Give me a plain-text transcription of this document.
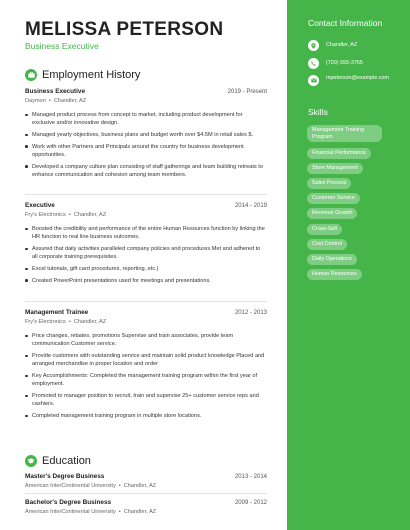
MELISSA PETERSON
Business Executive
Employment History
Business Executive	2019 - Present
Daymon • Chandler, AZ
Managed product process from concept to market, including product development for exclusive and/or innovative design.
Managed yearly objectives, business plans and budget worth over $4.5M in retail sales $.
Work with other Partners and Principals around the country for business development opportunities.
Developed a company culture plan consisting of staff gatherings and team building retreats to enhance communication and cohesion among team members.
Executive	2014 - 2019
Fry's Electronics • Chandler, AZ
Boosted the credibility and performance of the entire Human Resources function by linking the HR function to real line business outcomes.
Assured that daily activities paralleled company policies and procedures.Met and adhered to all corporate training prerequisites.
Excel tutorials, gift card procedures, reporting, etc.)
Created PowerPoint presentations used for meetings and presentations.
Management Trainee	2012 - 2013
Fry's Electronics • Chandler, AZ
Price changes, rebates, promotions Supervise and train associates, provide team communication Customer service.
Provide customers with outstanding service and maintain solid product knowledge Placed and arranged merchandise in proper location and order
Key Accomplishments: Completed the management training program within the first year of employment.
Promoted to manager position to recruit, train and supervise 25+ customer service reps and cashiers.
Completed management training program in multiple store locations.
Education
Master's Degree Business	2013 - 2014
American InterContinental University • Chandler, AZ
Bachelor's Degree Business	2009 - 2012
American InterContinental University • Chandler, AZ
Contact Information
Chandler, AZ
(700) 555-3765
mpeterson@example.com
Skills
Management Training Program
Financial Performance
Store Management
Sales Process
Customer Service
Revenue Growth
Cross-Sell
Cost Control
Daily Operations
Human Resources
